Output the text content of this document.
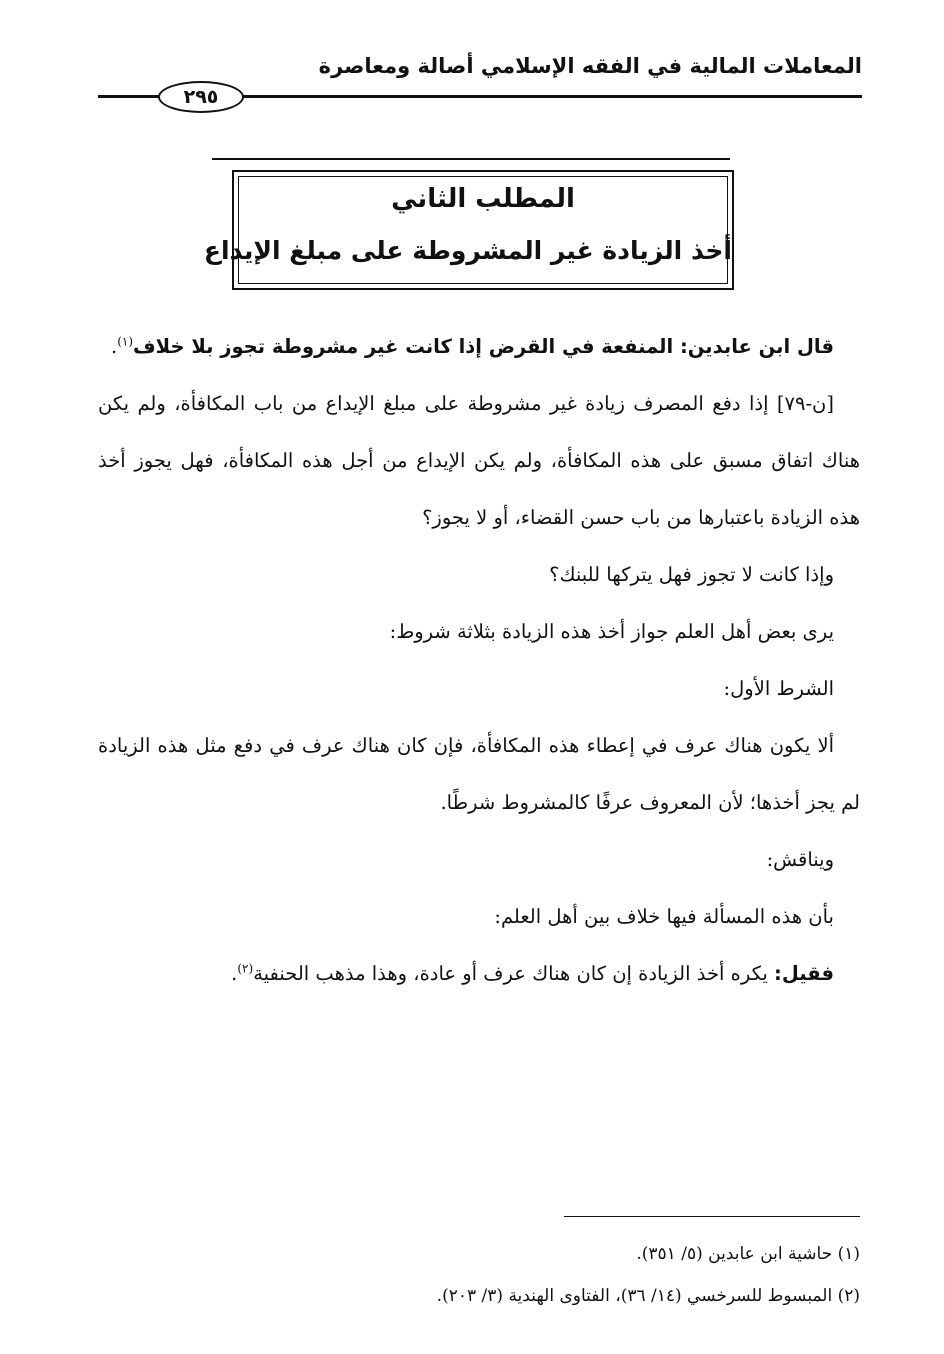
المعاملات المالية في الفقه الإسلامي أصالة ومعاصرة
٢٩٥
المطلب الثاني
أخذ الزيادة غير المشروطة على مبلغ الإيداع

قال ابن عابدين: المنفعة في القرض إذا كانت غير مشروطة تجوز بلا خلاف$^{(١)}$.

[ن-٧٩] إذا دفع المصرف زيادة غير مشروطة على مبلغ الإيداع من باب المكافأة، ولم يكن هناك اتفاق مسبق على هذه المكافأة، ولم يكن الإيداع من أجل هذه المكافأة، فهل يجوز أخذ هذه الزيادة باعتبارها من باب حسن القضاء، أو لا يجوز؟

وإذا كانت لا تجوز فهل يتركها للبنك؟

يرى بعض أهل العلم جواز أخذ هذه الزيادة بثلاثة شروط:

الشرط الأول:

ألا يكون هناك عرف في إعطاء هذه المكافأة، فإن كان هناك عرف في دفع مثل هذه الزيادة لم يجز أخذها؛ لأن المعروف عرفًا كالمشروط شرطًا.

ويناقش:

بأن هذه المسألة فيها خلاف بين أهل العلم:

فقيل: يكره أخذ الزيادة إن كان هناك عرف أو عادة، وهذا مذهب الحنفية$^{(٢)}$.

(١) حاشية ابن عابدين (٥/ ٣٥١).
(٢) المبسوط للسرخسي (١٤/ ٣٦)، الفتاوى الهندية (٣/ ٢٠٣).
